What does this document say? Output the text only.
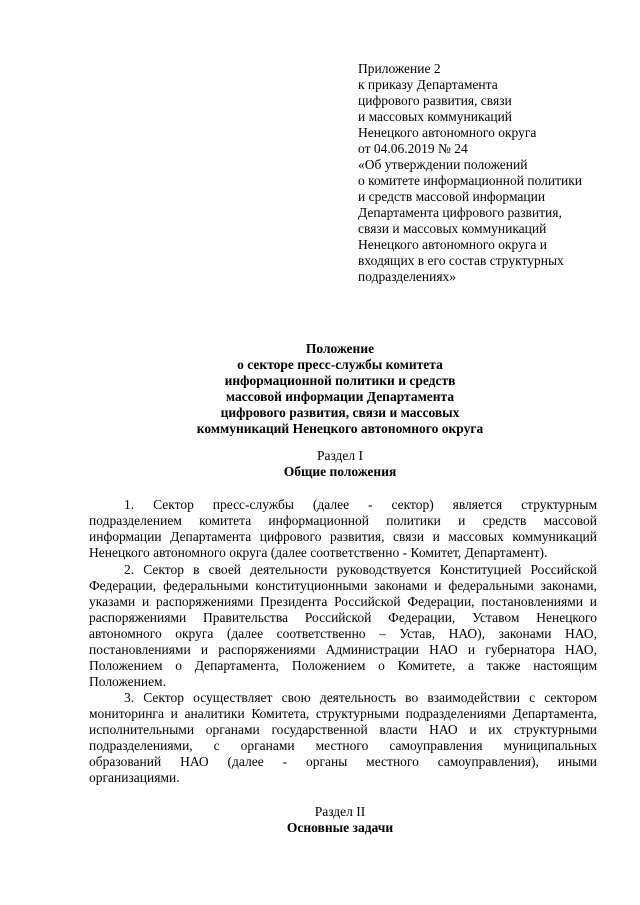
Приложение 2
к приказу Департамента
цифрового развития, связи
и массовых коммуникаций
Ненецкого автономного округа
от 04.06.2019 № 24
«Об утверждении положений
о комитете информационной политики
и средств массовой информации
Департамента цифрового развития,
связи и массовых коммуникаций
Ненецкого автономного округа и
входящих в его состав структурных
подразделениях»
Положение
о секторе пресс-службы комитета
информационной политики и средств
массовой информации Департамента
цифрового развития, связи и массовых
коммуникаций Ненецкого автономного округа
Раздел I
Общие положения
1. Сектор пресс-службы (далее - сектор) является структурным
подразделением комитета информационной политики и средств массовой
информации Департамента цифрового развития, связи и массовых коммуникаций
Ненецкого автономного округа (далее соответственно - Комитет, Департамент).
2. Сектор в своей деятельности руководствуется Конституцией Российской
Федерации, федеральными конституционными законами и федеральными законами,
указами и распоряжениями Президента Российской Федерации, постановлениями и
распоряжениями Правительства Российской Федерации, Уставом Ненецкого
автономного округа (далее соответственно – Устав, НАО), законами НАО,
постановлениями и распоряжениями Администрации НАО и губернатора НАО,
Положением о Департамента, Положением о Комитете, а также настоящим
Положением.
3. Сектор осуществляет свою деятельность во взаимодействии с сектором
мониторинга и аналитики Комитета, структурными подразделениями Департамента,
исполнительными органами государственной власти НАО и их структурными
подразделениями, с органами местного самоуправления муниципальных
образований НАО (далее - органы местного самоуправления), иными
организациями.
Раздел II
Основные задачи
